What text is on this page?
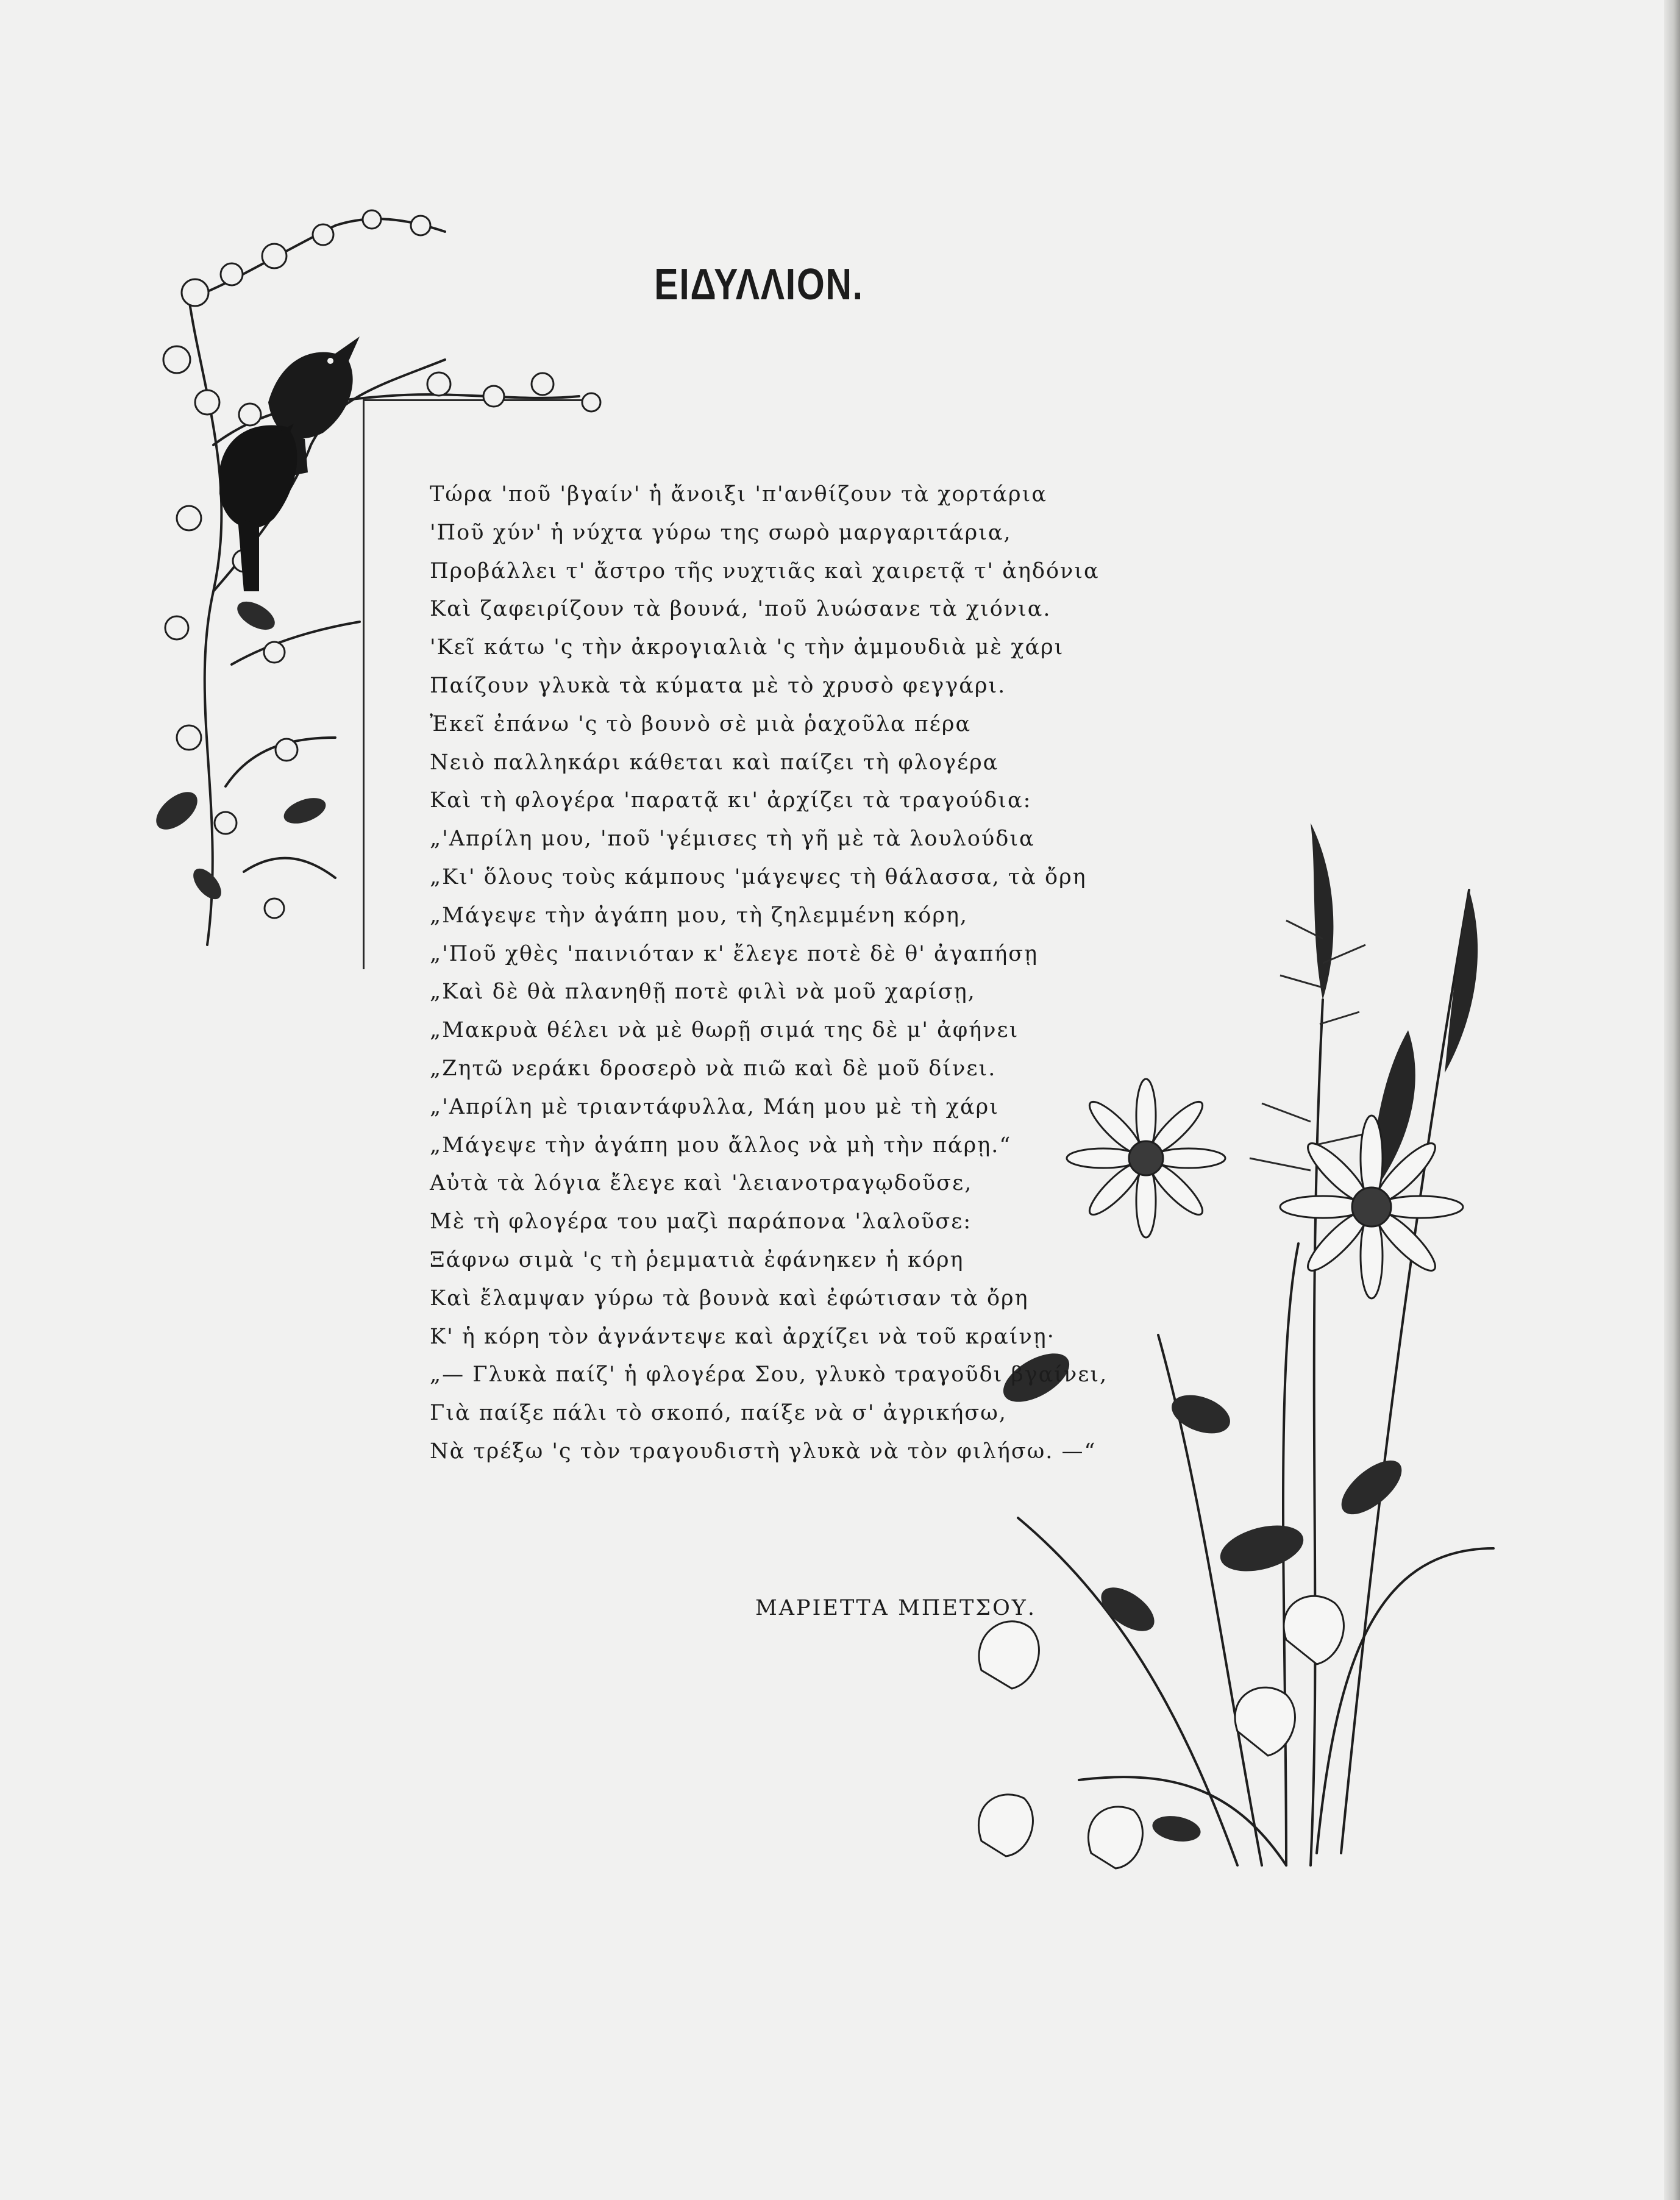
ΕΙΔΥΛΛΙΟΝ.
Τώρα 'ποῦ 'βγαίν' ἡ ἄνοιξι 'π'ανθίζουν τὰ χορτάρια
'Ποῦ χύν' ἡ νύχτα γύρω της σωρὸ μαργαριτάρια,
Προβάλλει τ' ἄστρο τῆς νυχτιᾶς καὶ χαιρετᾷ τ' ἀηδόνια
Καὶ ζαφειρίζουν τὰ βουνά, 'ποῦ λυώσανε τὰ χιόνια.
'Κεῖ κάτω 'ς τὴν ἀκρογιαλιὰ 'ς τὴν ἀμμουδιὰ μὲ χάρι
Παίζουν γλυκὰ τὰ κύματα μὲ τὸ χρυσὸ φεγγάρι.
Ἐκεῖ ἐπάνω 'ς τὸ βουνὸ σὲ μιὰ ῥαχοῦλα πέρα
Νειὸ παλληκάρι κάθεται καὶ παίζει τὴ φλογέρα
Καὶ τὴ φλογέρα 'παρατᾷ κι' ἀρχίζει τὰ τραγούδια:
„'Απρίλη μου, 'ποῦ 'γέμισες τὴ γῆ μὲ τὰ λουλούδια
„Κι' ὅλους τοὺς κάμπους 'μάγεψες τὴ θάλασσα, τὰ ὄρη
„Μάγεψε τὴν ἀγάπη μου, τὴ ζηλεμμένη κόρη,
„'Ποῦ χθὲς 'παινιόταν κ' ἔλεγε ποτὲ δὲ θ' ἀγαπήσῃ
„Καὶ δὲ θὰ πλανηθῇ ποτὲ φιλὶ νὰ μοῦ χαρίσῃ,
„Μακρυὰ θέλει νὰ μὲ θωρῇ σιμά της δὲ μ' ἀφήνει
„Ζητῶ νεράκι δροσερὸ νὰ πιῶ καὶ δὲ μοῦ δίνει.
„'Απρίλη μὲ τριαντάφυλλα, Μάη μου μὲ τὴ χάρι
„Μάγεψε τὴν ἀγάπη μου ἄλλος νὰ μὴ τὴν πάρῃ.“
Αὐτὰ τὰ λόγια ἔλεγε καὶ 'λειανοτραγῳδοῦσε,
Μὲ τὴ φλογέρα του μαζὶ παράπονα 'λαλοῦσε:
Ξάφνω σιμὰ 'ς τὴ ῥεμματιὰ ἐφάνηκεν ἡ κόρη
Καὶ ἔλαμψαν γύρω τὰ βουνὰ καὶ ἐφώτισαν τὰ ὄρη
Κ' ἡ κόρη τὸν ἀγνάντεψε καὶ ἀρχίζει νὰ τοῦ κραίνῃ·
„— Γλυκὰ παίζ' ἡ φλογέρα Σου, γλυκὸ τραγοῦδι βγαίνει,
Γιὰ παίξε πάλι τὸ σκοπό, παίξε νὰ σ' ἀγρικήσω,
Νὰ τρέξω 'ς τὸν τραγουδιστὴ γλυκὰ νὰ τὸν φιλήσω. —“
ΜΑΡΙΕΤΤΑ ΜΠΕΤΣΟΥ.
